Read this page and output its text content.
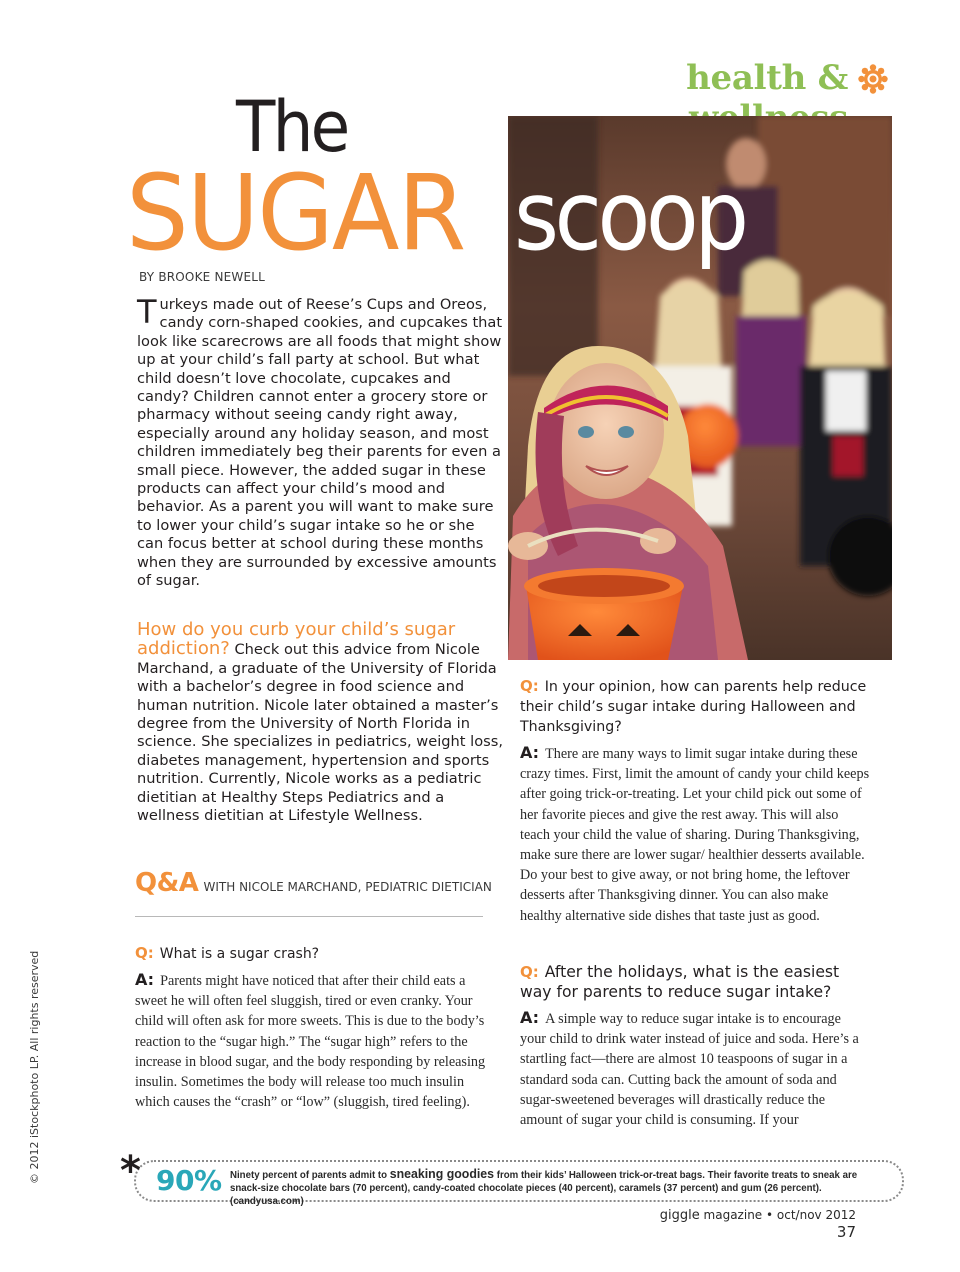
health &
The
SUGAR scoop
BY BROOKE NEWELL
Turkeys made out of Reese’s Cups and Oreos, candy corn-shaped cookies, and cupcakes that look like scarecrows are all foods that might show up at your child’s fall party at school. But what child doesn’t love chocolate, cupcakes and candy? Children cannot enter a grocery store or pharmacy without seeing candy right away, especially around any holiday season, and most children immediately beg their parents for even a small piece. However, the added sugar in these products can affect your child’s mood and behavior. As a parent you will want to make sure to lower your child’s sugar intake so he or she can focus better at school during these months when they are surrounded by excessive amounts of sugar.
How do you curb your child’s sugar addiction? Check out this advice from Nicole Marchand, a graduate of the University of Florida with a bachelor’s degree in food science and human nutrition. Nicole later obtained a master’s degree from the University of North Florida in science. She specializes in pediatrics, weight loss, diabetes management, hypertension and sports nutrition. Currently, Nicole works as a pediatric dietitian at Healthy Steps Pediatrics and a wellness dietitian at Lifestyle Wellness.
Q&A WITH NICOLE MARCHAND, PEDIATRIC DIETICIAN
Q: What is a sugar crash?
A: Parents might have noticed that after their child eats a sweet he will often feel sluggish, tired or even cranky. Your child will often ask for more sweets. This is due to the body’s reaction to the “sugar high.” The “sugar high” refers to the increase in blood sugar, and the body responding by releasing insulin. Sometimes the body will release too much insulin which causes the “crash” or “low” (sluggish, tired feeling).
Q: In your opinion, how can parents help reduce their child’s sugar intake during Halloween and Thanksgiving?
A: There are many ways to limit sugar intake during these crazy times. First, limit the amount of candy your child keeps after going trick-or-treating. Let your child pick out some of her favorite pieces and give the rest away. This will also teach your child the value of sharing. During Thanksgiving, make sure there are lower sugar/ healthier desserts available. Do your best to give away, or not bring home, the leftover desserts after Thanksgiving dinner. You can also make healthy alternative side dishes that taste just as good.
Q: After the holidays, what is the easiest way for parents to reduce sugar intake?
A: A simple way to reduce sugar intake is to encourage your child to drink water instead of juice and soda. Here’s a startling fact—there are almost 10 teaspoons of sugar in a standard soda can. Cutting back the amount of soda and sugar-sweetened beverages will drastically reduce the amount of sugar your child is consuming. If your
© 2012 iStockphoto LP. All rights reserved * 90% Ninety percent of parents admit to sneaking goodies from their kids’ Halloween trick-or-treat bags. Their favorite treats to sneak are snack-size chocolate bars (70 percent), candy-coated chocolate pieces (40 percent), caramels (37 percent) and gum (26 percent). (candyusa.com)
giggle magazine • oct/nov 2012 37
